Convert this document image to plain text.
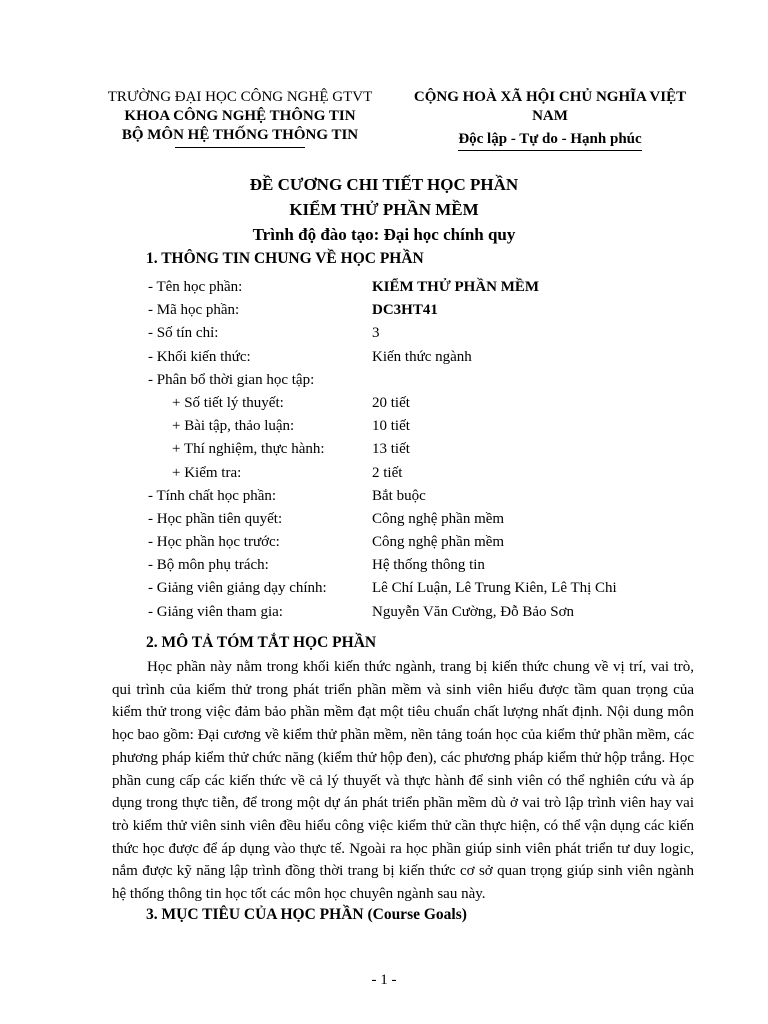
TRƯỜNG ĐẠI HỌC CÔNG NGHỆ GTVT
KHOA CÔNG NGHỆ THÔNG TIN
BỘ MÔN HỆ THỐNG THÔNG TIN
CỘNG HOÀ XÃ HỘI CHỦ NGHĨA VIỆT NAM
Độc lập - Tự do - Hạnh phúc
ĐỀ CƯƠNG CHI TIẾT HỌC PHẦN
KIỂM THỬ PHẦN MỀM
Trình độ đào tạo: Đại học chính quy
1. THÔNG TIN CHUNG VỀ HỌC PHẦN
- Tên học phần:	KIỂM THỬ PHẦN MỀM
- Mã học phần:	DC3HT41
- Số tín chỉ:	3
- Khối kiến thức:	Kiến thức ngành
- Phân bổ thời gian học tập:
+ Số tiết lý thuyết:	20 tiết
+ Bài tập, thảo luận:	10 tiết
+ Thí nghiệm, thực hành:	13 tiết
+ Kiểm tra:	2 tiết
- Tính chất học phần:	Bắt buộc
- Học phần tiên quyết:	Công nghệ phần mềm
- Học phần học trước:	Công nghệ phần mềm
- Bộ môn phụ trách:	Hệ thống thông tin
- Giảng viên giảng dạy chính:	Lê Chí Luận, Lê Trung Kiên, Lê Thị Chi
- Giảng viên tham gia:	Nguyễn Văn Cường, Đỗ Bảo Sơn
2. MÔ TẢ TÓM TẮT HỌC PHẦN

Học phần này nằm trong khối kiến thức ngành, trang bị kiến thức chung về vị trí, vai trò, qui trình của kiểm thử trong phát triển phần mềm và sinh viên hiểu được tầm quan trọng của kiểm thử trong việc đảm bảo phần mềm đạt một tiêu chuẩn chất lượng nhất định. Nội dung môn học bao gồm: Đại cương về kiểm thử phần mềm, nền tảng toán học của kiểm thử phần mềm, các phương pháp kiểm thử chức năng (kiểm thử hộp đen), các phương pháp kiểm thử hộp trắng. Học phần cung cấp các kiến thức về cả lý thuyết và thực hành để sinh viên có thể nghiên cứu và áp dụng trong thực tiễn, để trong một dự án phát triển phần mềm dù ở vai trò lập trình viên hay vai trò kiểm thử viên sinh viên đều hiểu công việc kiểm thử cần thực hiện, có thể vận dụng các kiến thức học được để áp dụng vào thực tế. Ngoài ra học phần giúp sinh viên phát triển tư duy logic, nắm được kỹ năng lập trình đồng thời trang bị kiến thức cơ sở quan trọng giúp sinh viên ngành hệ thống thông tin học tốt các môn học chuyên ngành sau này.

3. MỤC TIÊU CỦA HỌC PHẦN (Course Goals)
- 1 -
